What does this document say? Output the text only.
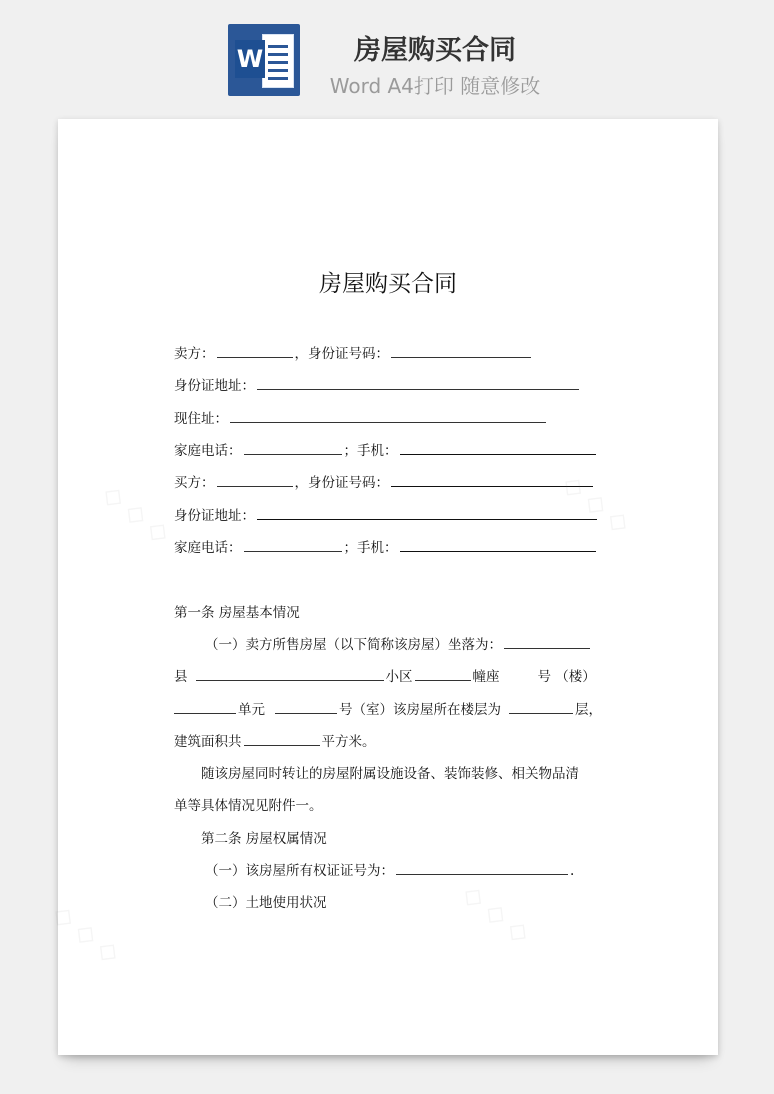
W	房屋购买合同
Word A4打印 随意修改
房屋购买合同
卖方：	，身份证号码：
身份证地址：
现住址：
家庭电话：	；手机：
买方：	，身份证号码：
身份证地址：
家庭电话：	；手机：
第一条 房屋基本情况
（一）卖方所售房屋（以下简称该房屋）坐落为：
县	小区	幢座	号 （楼）
单元	号（室）该房屋所在楼层为	层，
建筑面积共	平方米。
随该房屋同时转让的房屋附属设施设备、装饰装修、相关物品清
单等具体情况见附件一。
第二条 房屋权属情况
（一）该房屋所有权证证号为：	.
（二）土地使用状况
◇ ◇ ◇	◇ ◇ ◇
◇ ◇ ◇	◇ ◇ ◇
